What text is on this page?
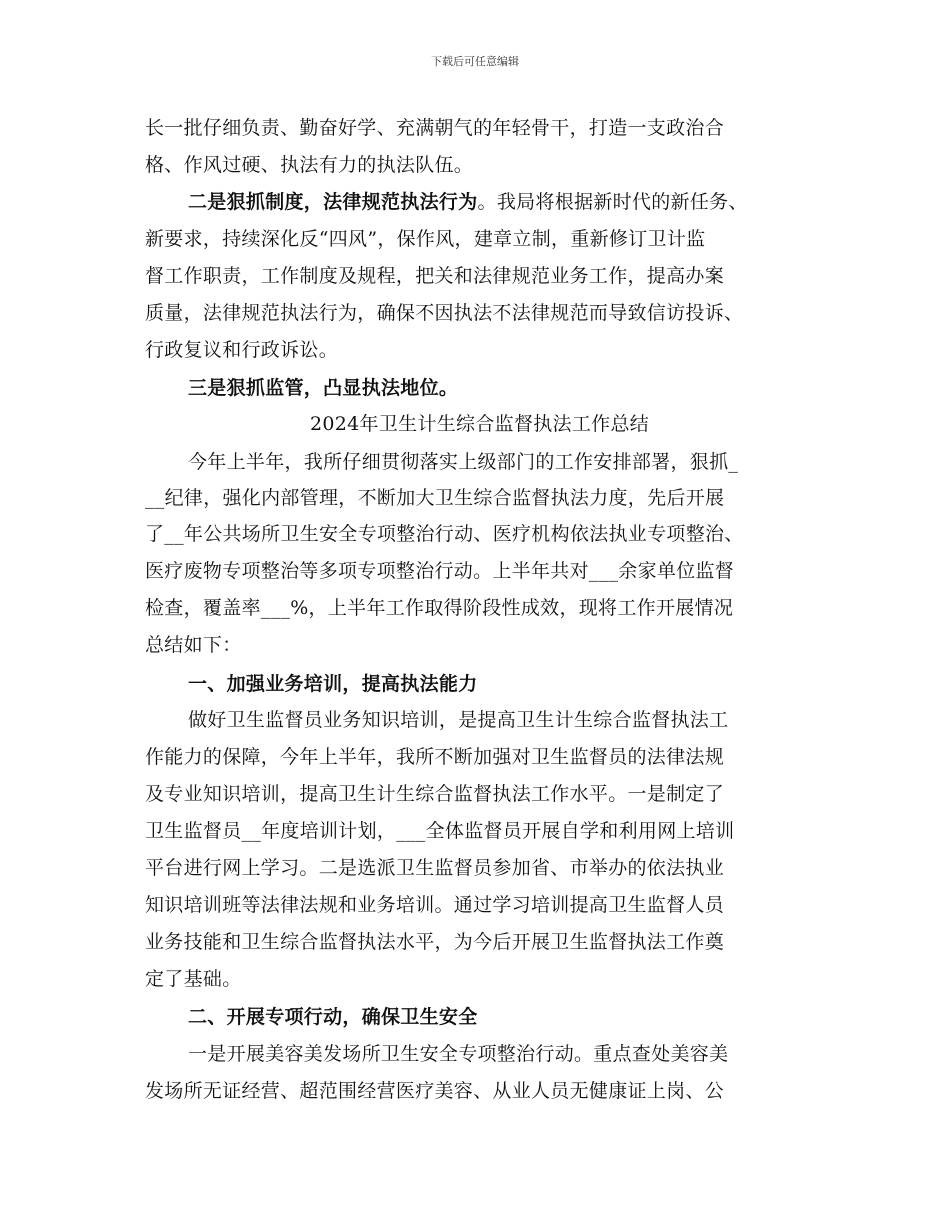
下载后可任意编辑
长一批仔细负责、勤奋好学、充满朝气的年轻骨干，打造一支政治合
格、作风过硬、执法有力的执法队伍。
二是狠抓制度，法律规范执法行为。我局将根据新时代的新任务、
新要求，持续深化反“四风”，保作风，建章立制，重新修订卫计监
督工作职责，工作制度及规程，把关和法律规范业务工作，提高办案
质量，法律规范执法行为，确保不因执法不法律规范而导致信访投诉、
行政复议和行政诉讼。
三是狠抓监管，凸显执法地位。
2024年卫生计生综合监督执法工作总结
今年上半年，我所仔细贯彻落实上级部门的工作安排部署，狠抓_
__纪律，强化内部管理，不断加大卫生综合监督执法力度，先后开展
了__年公共场所卫生安全专项整治行动、医疗机构依法执业专项整治、
医疗废物专项整治等多项专项整治行动。上半年共对___余家单位监督
检查，覆盖率___%，上半年工作取得阶段性成效，现将工作开展情况
总结如下：
一、加强业务培训，提高执法能力
做好卫生监督员业务知识培训，是提高卫生计生综合监督执法工
作能力的保障，今年上半年，我所不断加强对卫生监督员的法律法规
及专业知识培训，提高卫生计生综合监督执法工作水平。一是制定了
卫生监督员__年度培训计划，___全体监督员开展自学和利用网上培训
平台进行网上学习。二是选派卫生监督员参加省、市举办的依法执业
知识培训班等法律法规和业务培训。通过学习培训提高卫生监督人员
业务技能和卫生综合监督执法水平，为今后开展卫生监督执法工作奠
定了基础。
二、开展专项行动，确保卫生安全
一是开展美容美发场所卫生安全专项整治行动。重点查处美容美
发场所无证经营、超范围经营医疗美容、从业人员无健康证上岗、公
